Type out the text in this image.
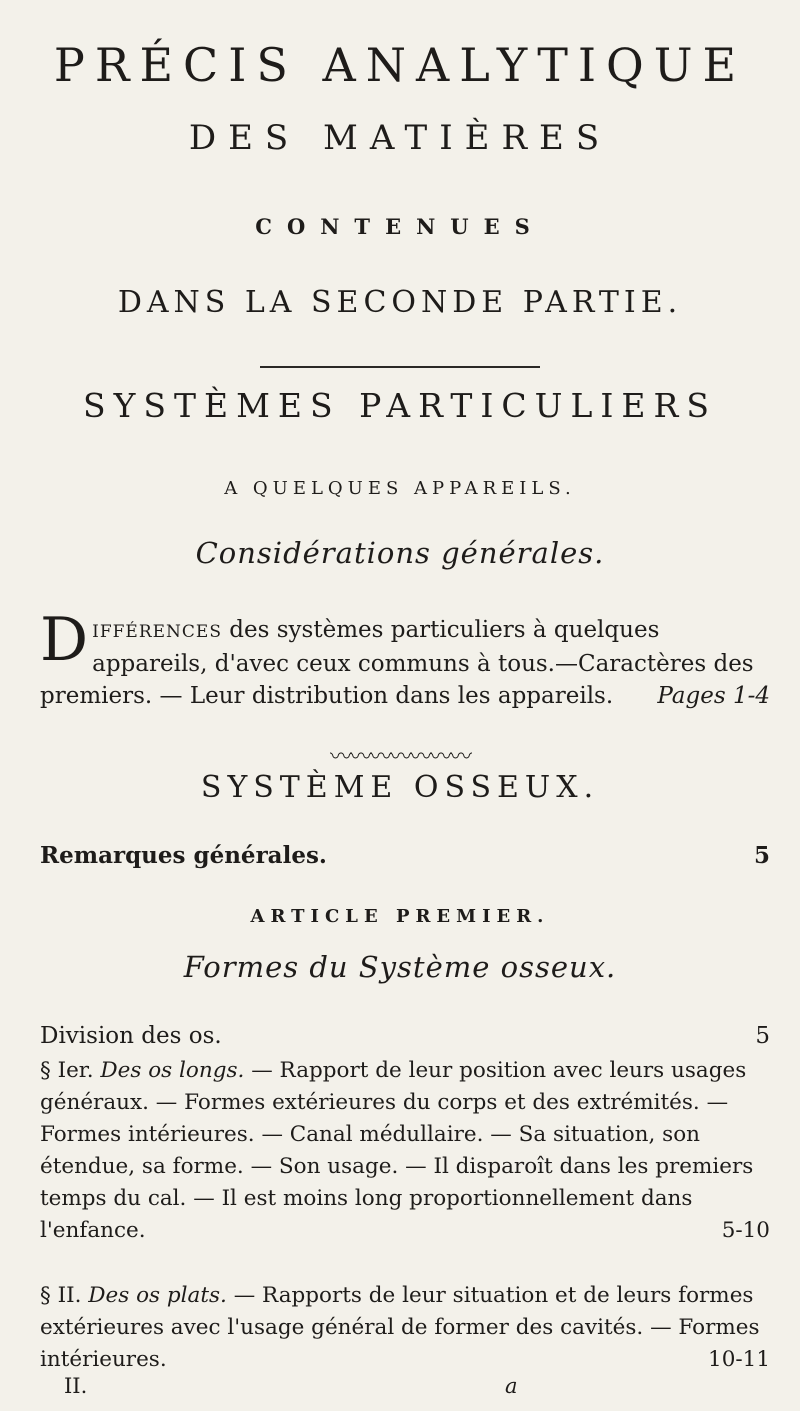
PRÉCIS ANALYTIQUE
DES MATIÈRES
CONTENUES
DANS LA SECONDE PARTIE.
SYSTÈMES PARTICULIERS
A QUELQUES APPAREILS.
Considérations générales.
DIFFÉRENCES des systèmes particuliers à quelques appareils, d'avec ceux communs à tous.—Caractères des premiers. — Leur distribution dans les appareils. Pages 1-4
〰〰〰〰〰〰〰
SYSTÈME OSSEUX.
Remarques générales.	5
ARTICLE PREMIER.
Formes du Système osseux.
Division des os.	5
§ Ier. Des os longs. — Rapport de leur position avec leurs usages généraux. — Formes extérieures du corps et des extrémités. — Formes intérieures. — Canal médullaire. — Sa situation, son étendue, sa forme. — Son usage. — Il disparoît dans les premiers temps du cal. — Il est moins long proportionnellement dans l'enfance.	5-10
§ II. Des os plats. — Rapports de leur situation et de leurs formes extérieures avec l'usage général de former des cavités. — Formes intérieures.	10-11
II.	a
